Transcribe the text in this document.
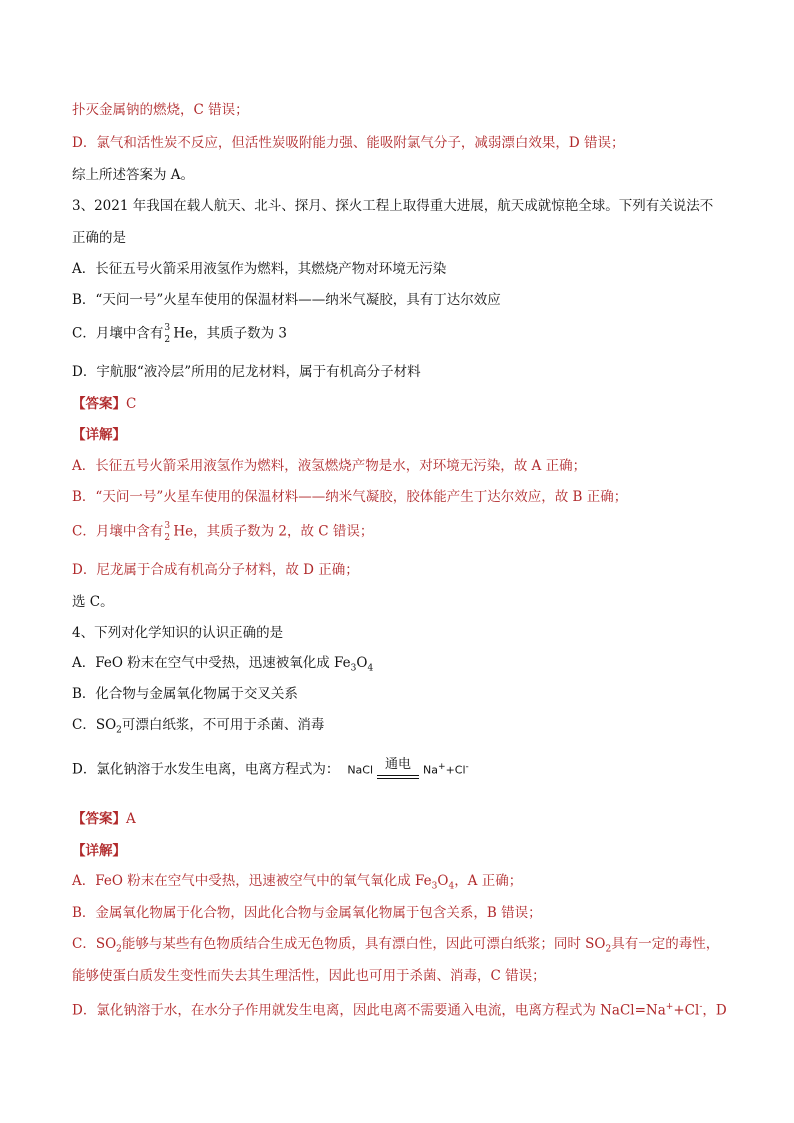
扑灭金属钠的燃烧，C 错误；
D．氯气和活性炭不反应，但活性炭吸附能力强、能吸附氯气分子，减弱漂白效果，D 错误；
综上所述答案为 A。
3、2021 年我国在载人航天、北斗、探月、探火工程上取得重大进展，航天成就惊艳全球。下列有关说法不
正确的是
A．长征五号火箭采用液氢作为燃料，其燃烧产物对环境无污染
B．“天问一号”火星车使用的保温材料——纳米气凝胶，具有丁达尔效应
C．月壤中含有 3
2 He，其质子数为 3
D．宇航服“液冷层”所用的尼龙材料，属于有机高分子材料
【答案】C
【详解】
A．长征五号火箭采用液氢作为燃料，液氢燃烧产物是水，对环境无污染，故 A 正确；
B．“天问一号”火星车使用的保温材料——纳米气凝胶，胶体能产生丁达尔效应，故 B 正确；
C．月壤中含有 3
2 He，其质子数为 2，故 C 错误；
D．尼龙属于合成有机高分子材料，故 D 正确；
选 C。
4、下列对化学知识的认识正确的是
A．FeO 粉末在空气中受热，迅速被氧化成 $Fe_3O_4$
B．化合物与金属氧化物属于交叉关系
C．$SO_2$可漂白纸浆，不可用于杀菌、消毒
D．氯化钠溶于水发生电离，电离方程式为： NaCl 通电	Na++Cl-
【答案】A
【详解】
A．FeO 粉末在空气中受热，迅速被空气中的氧气氧化成 $Fe_3O_4$，A 正确；
B．金属氧化物属于化合物，因此化合物与金属氧化物属于包含关系，B 错误；
C．$SO_2$能够与某些有色物质结合生成无色物质，具有漂白性，因此可漂白纸浆；同时 $SO_2$具有一定的毒性，
能够使蛋白质发生变性而失去其生理活性，因此也可用于杀菌、消毒，C 错误；
D．氯化钠溶于水，在水分子作用就发生电离，因此电离不需要通入电流，电离方程式为 NaCl=Na++Cl-，D
